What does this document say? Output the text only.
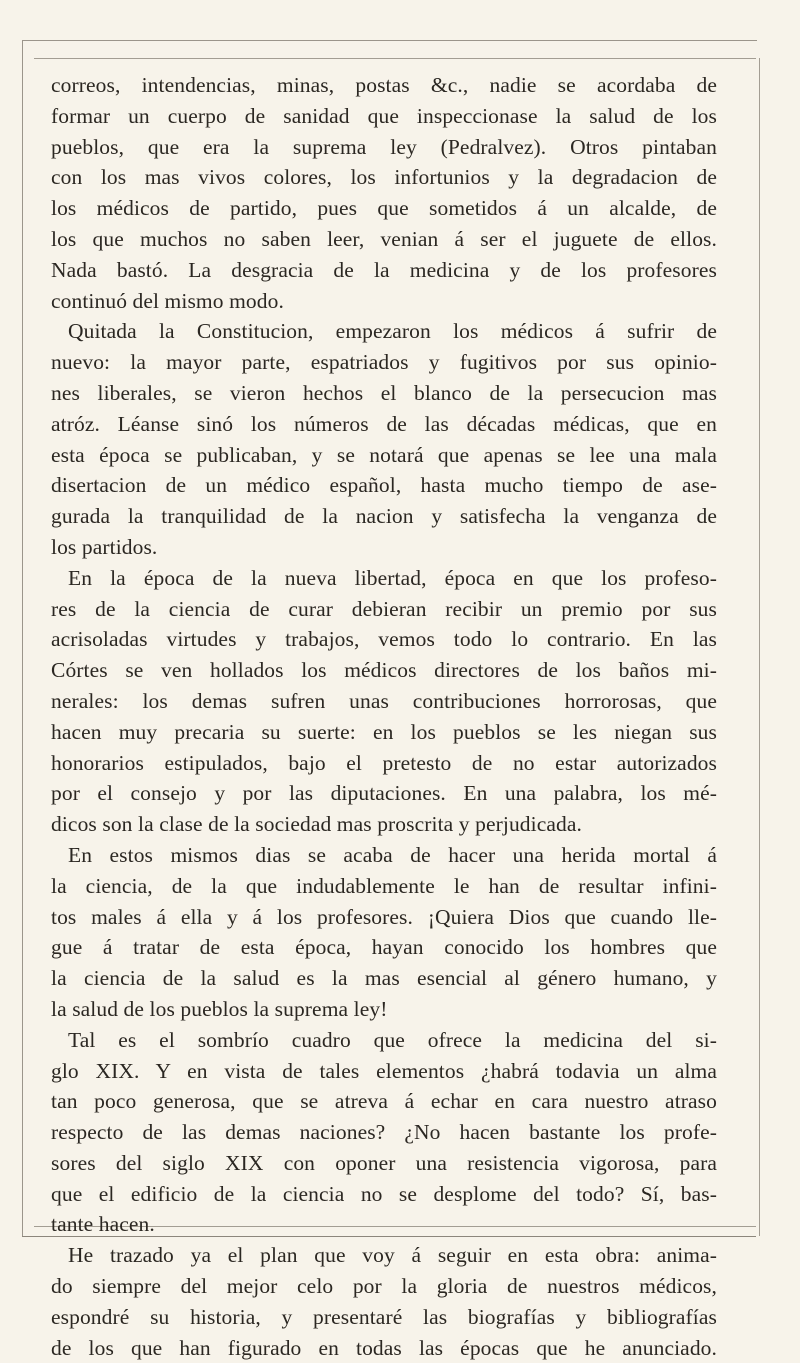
correos, intendencias, minas, postas &c., nadie se acordaba de
formar un cuerpo de sanidad que inspeccionase la salud de los
pueblos, que era la suprema ley (Pedralvez). Otros pintaban
con los mas vivos colores, los infortunios y la degradacion de
los médicos de partido, pues que sometidos á un alcalde, de
los que muchos no saben leer, venian á ser el juguete de ellos.
Nada bastó. La desgracia de la medicina y de los profesores
continuó del mismo modo.
Quitada la Constitucion, empezaron los médicos á sufrir de
nuevo: la mayor parte, espatriados y fugitivos por sus opinio-
nes liberales, se vieron hechos el blanco de la persecucion mas
atróz. Léanse sinó los números de las décadas médicas, que en
esta época se publicaban, y se notará que apenas se lee una mala
disertacion de un médico español, hasta mucho tiempo de ase-
gurada la tranquilidad de la nacion y satisfecha la venganza de
los partidos.
En la época de la nueva libertad, época en que los profeso-
res de la ciencia de curar debieran recibir un premio por sus
acrisoladas virtudes y trabajos, vemos todo lo contrario. En las
Córtes se ven hollados los médicos directores de los baños mi-
nerales: los demas sufren unas contribuciones horrorosas, que
hacen muy precaria su suerte: en los pueblos se les niegan sus
honorarios estipulados, bajo el pretesto de no estar autorizados
por el consejo y por las diputaciones. En una palabra, los mé-
dicos son la clase de la sociedad mas proscrita y perjudicada.
En estos mismos dias se acaba de hacer una herida mortal á
la ciencia, de la que indudablemente le han de resultar infini-
tos males á ella y á los profesores. ¡Quiera Dios que cuando lle-
gue á tratar de esta época, hayan conocido los hombres que
la ciencia de la salud es la mas esencial al género humano, y
la salud de los pueblos la suprema ley!
Tal es el sombrío cuadro que ofrece la medicina del si-
glo XIX. Y en vista de tales elementos ¿habrá todavia un alma
tan poco generosa, que se atreva á echar en cara nuestro atraso
respecto de las demas naciones? ¿No hacen bastante los profe-
sores del siglo XIX con oponer una resistencia vigorosa, para
que el edificio de la ciencia no se desplome del todo? Sí, bas-
tante hacen.
He trazado ya el plan que voy á seguir en esta obra: anima-
do siempre del mejor celo por la gloria de nuestros médicos,
espondré su historia, y presentaré las biografías y bibliografías
de los que han figurado en todas las épocas que he anunciado.
